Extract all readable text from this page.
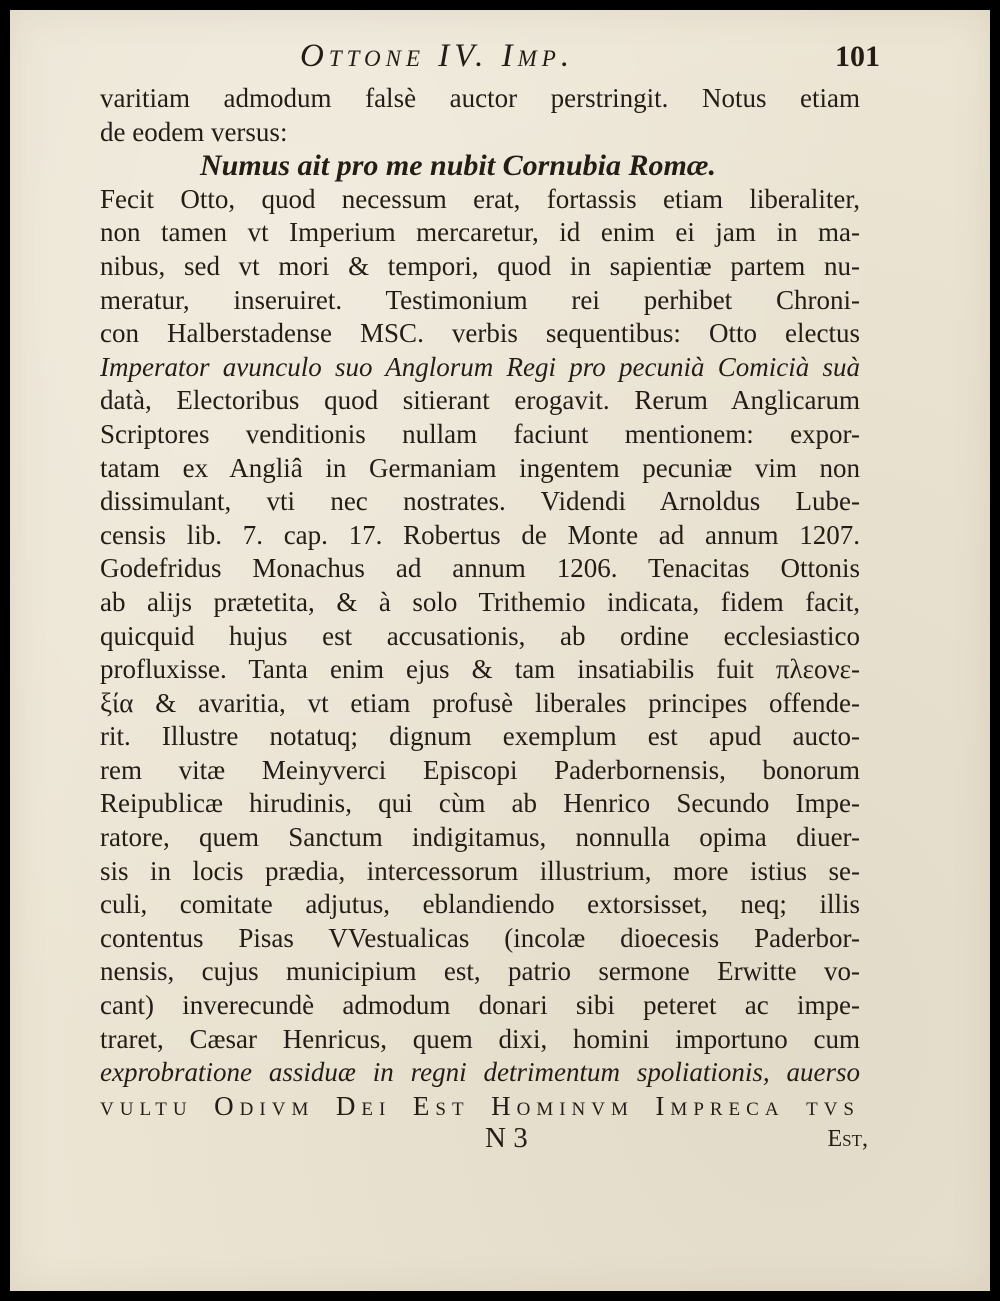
Ottone IV. Imp.	101
varitiam admodum falsè auctor perstringit. Notus etiam
de eodem versus:
Numus ait pro me nubit Cornubia Romæ.
Fecit Otto, quod necessum erat, fortassis etiam liberaliter,
non tamen vt Imperium mercaretur, id enim ei jam in ma-
nibus, sed vt mori & tempori, quod in sapientiæ partem nu-
meratur, inseruiret. Testimonium rei perhibet Chroni-
con Halberstadense MSC. verbis sequentibus: Otto electus
Imperator avunculo suo Anglorum Regi pro pecunià Comicià suà
datà, Electoribus quod sitierant erogavit. Rerum Anglicarum
Scriptores venditionis nullam faciunt mentionem: expor-
tatam ex Angliâ in Germaniam ingentem pecuniæ vim non
dissimulant, vti nec nostrates. Videndi Arnoldus Lube-
censis lib. 7. cap. 17. Robertus de Monte ad annum 1207.
Godefridus Monachus ad annum 1206. Tenacitas Ottonis
ab alijs prætetita, & à solo Trithemio indicata, fidem facit,
quicquid hujus est accusationis, ab ordine ecclesiastico
profluxisse. Tanta enim ejus & tam insatiabilis fuit πλεονε-
ξία & avaritia, vt etiam profusè liberales principes offende-
rit. Illustre notatuq; dignum exemplum est apud aucto-
rem vitæ Meinyverci Episcopi Paderbornensis, bonorum
Reipublicæ hirudinis, qui cùm ab Henrico Secundo Impe-
ratore, quem Sanctum indigitamus, nonnulla opima diuer-
sis in locis prædia, intercessorum illustrium, more istius se-
culi, comitate adjutus, eblandiendo extorsisset, neq; illis
contentus Pisas VVestualicas (incolæ dioecesis Paderbor-
nensis, cujus municipium est, patrio sermone Erwitte vo-
cant) inverecundè admodum donari sibi peteret ac impe-
traret, Cæsar Henricus, quem dixi, homini importuno cum
exprobratione assiduæ in regni detrimentum spoliationis, auerso
vultu Odivm Dei Est Hominvm Impreca tvs
N 3	Est,
